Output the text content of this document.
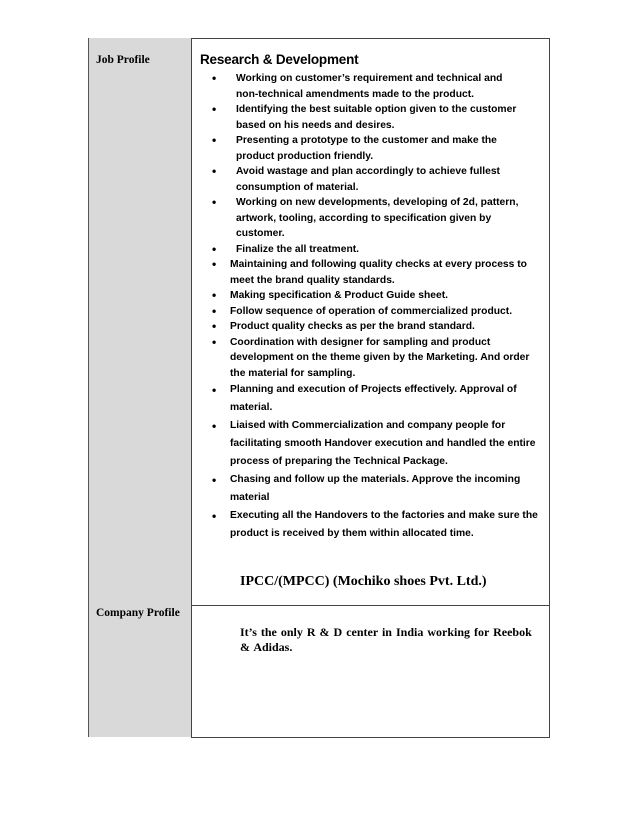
Job Profile
Company Profile
Research & Development
• Working on customer’s requirement and technical and non-technical amendments made to the product.
• Identifying the best suitable option given to the customer based on his needs and desires.
• Presenting a prototype to the customer and make the product production friendly.
• Avoid wastage and plan accordingly to achieve fullest consumption of material.
• Working on new developments, developing of 2d, pattern, artwork, tooling, according to specification given by customer.
• Finalize the all treatment.
• Maintaining and following quality checks at every process to meet the brand quality standards.
• Making specification & Product Guide sheet.
• Follow sequence of operation of commercialized product.
• Product quality checks as per the brand standard.
• Coordination with designer for sampling and product development on the theme given by the Marketing. And order the material for sampling.
• Planning and execution of Projects effectively. Approval of material.
• Liaised with Commercialization and company people for facilitating smooth Handover execution and handled the entire process of preparing the Technical Package.
• Chasing and follow up the materials. Approve the incoming material
• Executing all the Handovers to the factories and make sure the product is received by them within allocated time.
IPCC/(MPCC) (Mochiko shoes Pvt. Ltd.)
It’s the only R & D center in India working for Reebok & Adidas.
